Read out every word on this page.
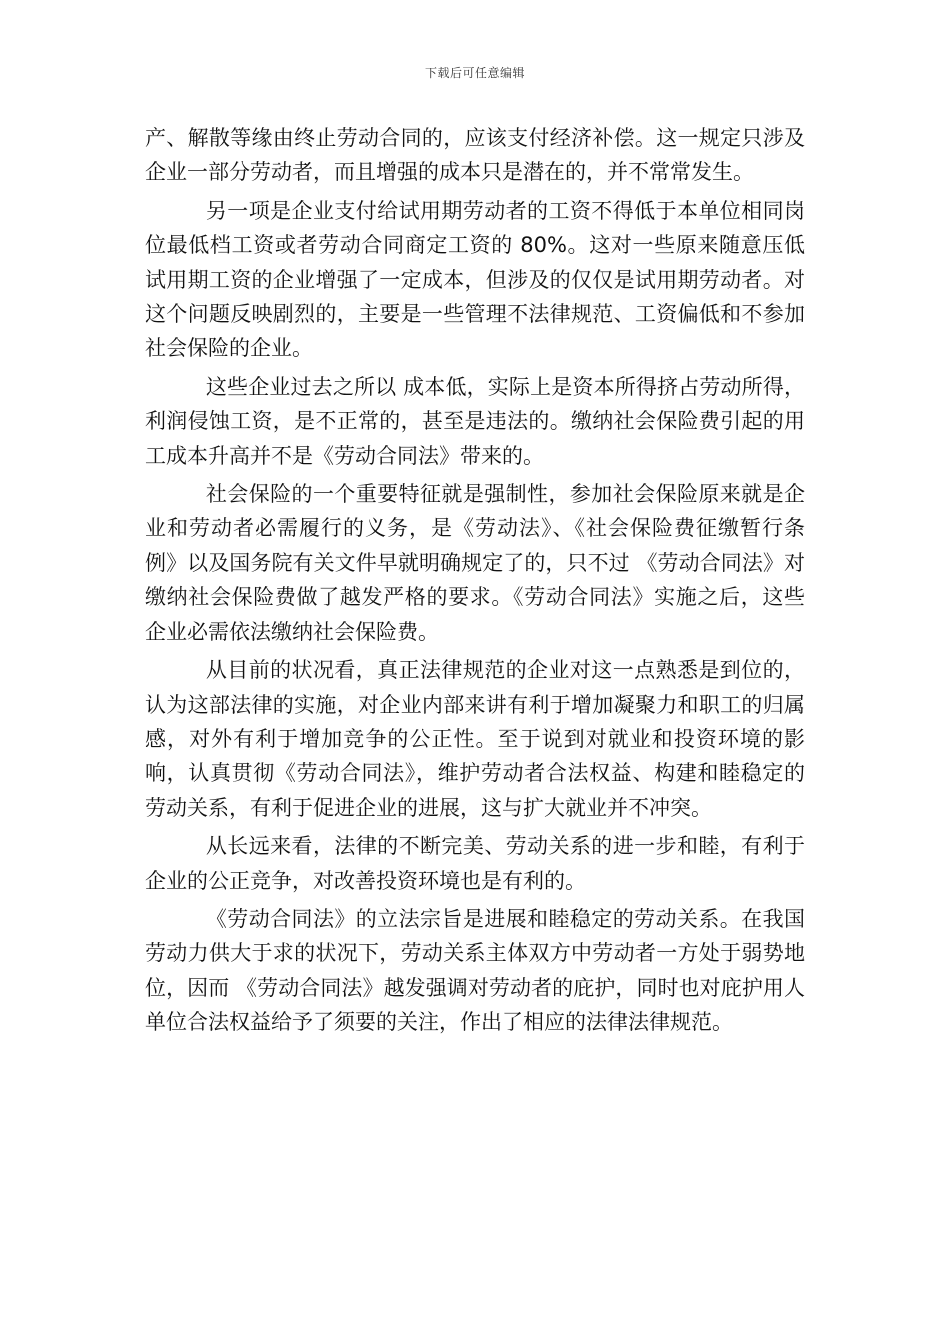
下载后可任意编辑

产、解散等缘由终止劳动合同的，应该支付经济补偿。这一规定只涉及企业一部分劳动者，而且增强的成本只是潜在的，并不常常发生。

另一项是企业支付给试用期劳动者的工资不得低于本单位相同岗位最低档工资或者劳动合同商定工资的 80%。这对一些原来随意压低试用期工资的企业增强了一定成本，但涉及的仅仅是试用期劳动者。对这个问题反映剧烈的，主要是一些管理不法律规范、工资偏低和不参加社会保险的企业。

这些企业过去之所以 成本低，实际上是资本所得挤占劳动所得，利润侵蚀工资，是不正常的，甚至是违法的。缴纳社会保险费引起的用工成本升高并不是《劳动合同法》带来的。

社会保险的一个重要特征就是强制性，参加社会保险原来就是企业和劳动者必需履行的义务，是《劳动法》、《社会保险费征缴暂行条例》以及国务院有关文件早就明确规定了的，只不过 《劳动合同法》对缴纳社会保险费做了越发严格的要求。《劳动合同法》实施之后，这些企业必需依法缴纳社会保险费。

从目前的状况看，真正法律规范的企业对这一点熟悉是到位的，认为这部法律的实施，对企业内部来讲有利于增加凝聚力和职工的归属感，对外有利于增加竞争的公正性。至于说到对就业和投资环境的影响，认真贯彻《劳动合同法》，维护劳动者合法权益、构建和睦稳定的劳动关系，有利于促进企业的进展，这与扩大就业并不冲突。

从长远来看，法律的不断完美、劳动关系的进一步和睦，有利于企业的公正竞争，对改善投资环境也是有利的。

《劳动合同法》的立法宗旨是进展和睦稳定的劳动关系。在我国劳动力供大于求的状况下，劳动关系主体双方中劳动者一方处于弱势地位，因而 《劳动合同法》越发强调对劳动者的庇护，同时也对庇护用人单位合法权益给予了须要的关注，作出了相应的法律法律规范。
